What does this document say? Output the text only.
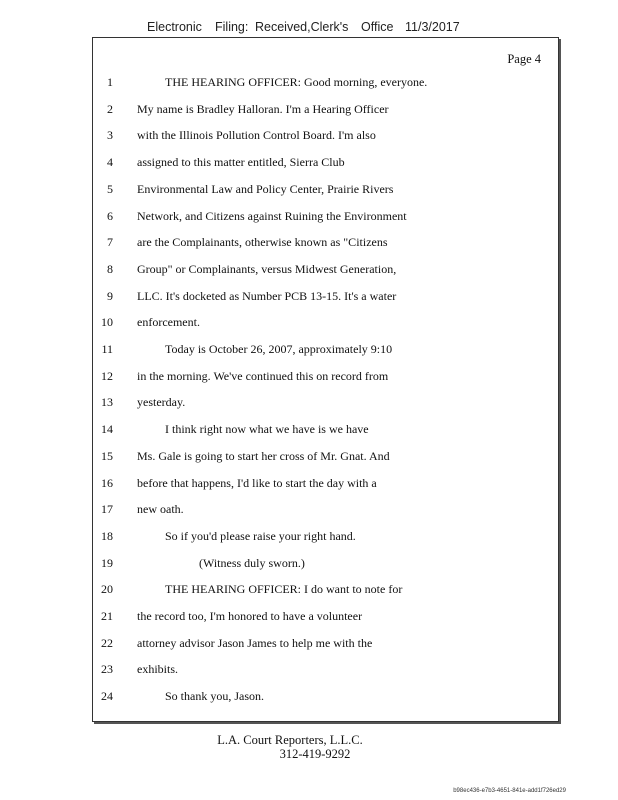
Electronic Filing: Received,Clerk's Office 11/3/2017
Page 4
1	THE HEARING OFFICER: Good morning, everyone.
2 My name is Bradley Halloran. I'm a Hearing Officer
3 with the Illinois Pollution Control Board. I'm also
4 assigned to this matter entitled, Sierra Club
5 Environmental Law and Policy Center, Prairie Rivers
6 Network, and Citizens against Ruining the Environment
7 are the Complainants, otherwise known as "Citizens
8 Group" or Complainants, versus Midwest Generation,
9 LLC. It's docketed as Number PCB 13-15. It's a water
10 enforcement.
11	Today is October 26, 2007, approximately 9:10
12 in the morning. We've continued this on record from
13 yesterday.
14	I think right now what we have is we have
15 Ms. Gale is going to start her cross of Mr. Gnat. And
16 before that happens, I'd like to start the day with a
17 new oath.
18	So if you'd please raise your right hand.
19	(Witness duly sworn.)
20	THE HEARING OFFICER: I do want to note for
21 the record too, I'm honored to have a volunteer
22 attorney advisor Jason James to help me with the
23 exhibits.
24	So thank you, Jason.
L.A. Court Reporters, L.L.C.
312-419-9292
b98ec436-e7b3-4651-841e-add1f726ed29
